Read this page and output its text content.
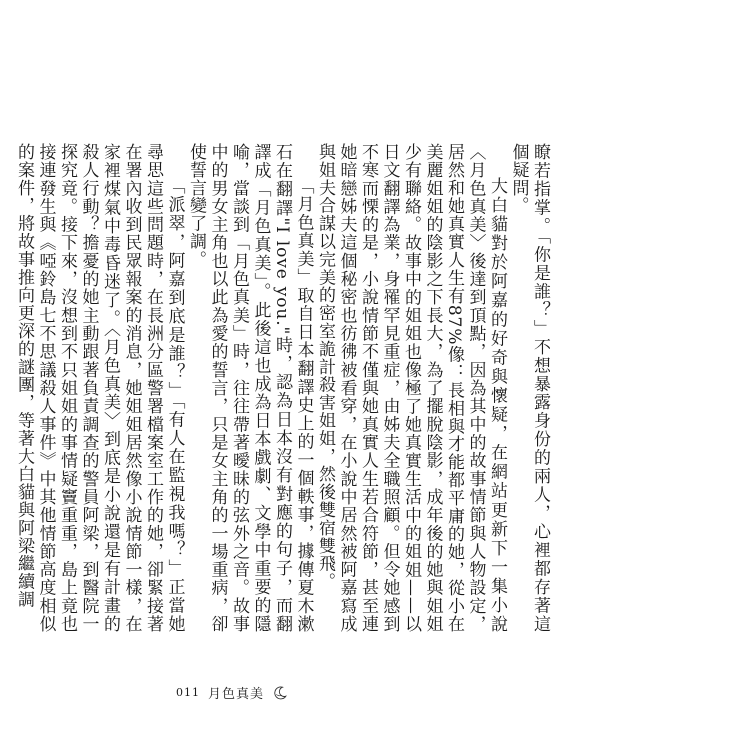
瞭若指掌。「你是誰？」不想暴露身份的兩人，心裡都存著這個疑問。

大白貓對於阿嘉的好奇與懷疑，在網站更新下一集小說〈月色真美〉後達到頂點，因為其中的故事情節與人物設定，居然和她真實人生有87%像：長相與才能都平庸的她，從小在美麗姐姐的陰影之下長大，為了擺脫陰影，成年後的她與姐姐少有聯絡。故事中的姐姐也像極了她真實生活中的姐姐——以日文翻譯為業，身罹罕見重症，由姊夫全職照顧。但令她感到不寒而慄的是，小說情節不僅與她真實人生若合符節，甚至連她暗戀姊夫這個秘密也彷彿被看穿，在小說中居然被阿嘉寫成與姐夫合謀以完美的密室詭計殺害姐姐，然後雙宿雙飛。

「月色真美」取自日本翻譯史上的一個軼事，據傳夏木漱石在翻譯"I love you."時，認為日本沒有對應的句子，而翻譯成「月色真美」。此後這也成為日本戲劇、文學中重要的隱喻，當談到「月色真美」時，往往帶著曖昧的弦外之音。故事中的男女主角也以此為愛的誓言，只是女主角的一場重病，卻使誓言變了調。

「派翠，阿嘉到底是誰？」「有人在監視我嗎？」正當她尋思這些問題時，在長洲分區警署檔案室工作的她，卻緊接著在署內收到民眾報案的消息，她姐姐居然像小說情節一樣，在家裡煤氣中毒昏迷了。〈月色真美〉到底是小說還是有計畫的殺人行動？擔憂的她主動跟著負責調查的警員阿梁，到醫院一探究竟。接下來，沒想到不只姐姐的事情疑竇重重，島上竟也接連發生與《啞鈴島七不思議殺人事件》中其他情節高度相似的案件，將故事推向更深的謎團，等著大白貓與阿梁繼續調

011 月色真美
